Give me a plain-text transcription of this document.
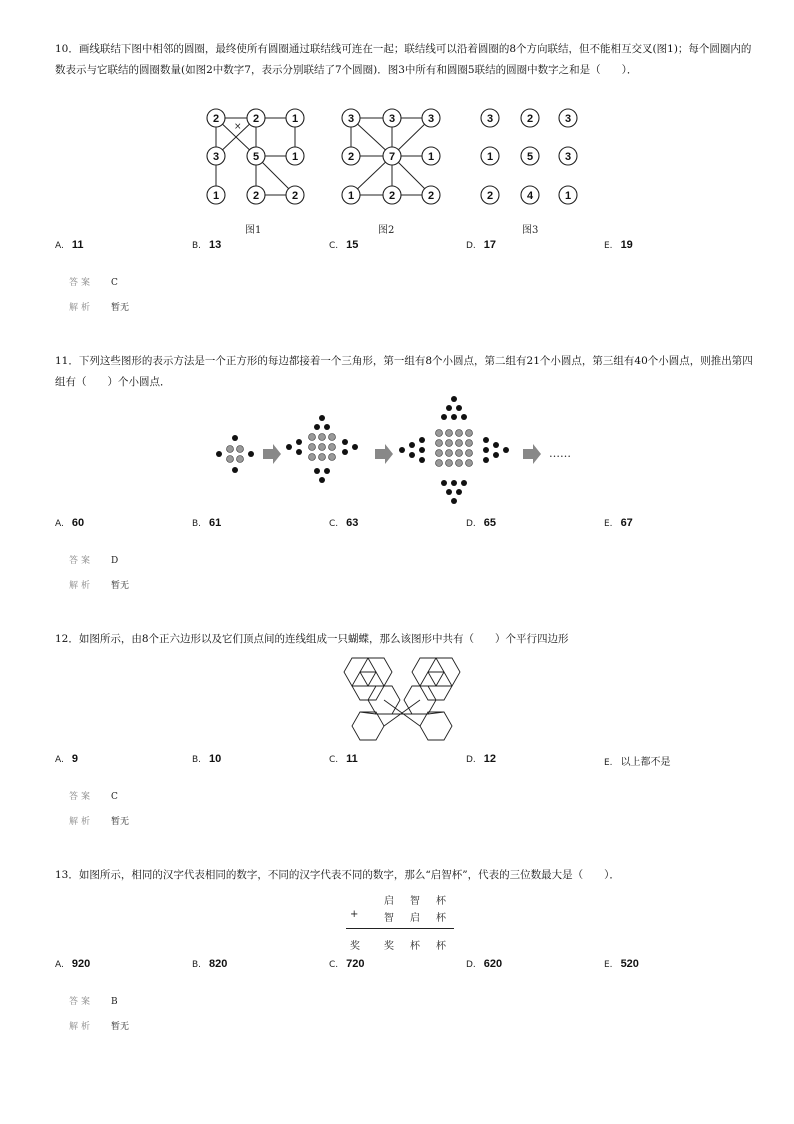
10．画线联结下图中相邻的圆圈，最终使所有圆圈通过联结线可连在一起；联结线可以沿着圆圈的8个方向联结，但不能相互交叉(图1)；每个圆圈内的数表示与它联结的圆圈数量(如图2中数字7，表示分别联结了7个圆圈)．图3中所有和圆圈5联结的圆圈中数字之和是（　　）．
×
2	2	1
3	5	1
1	2	2
图1
3	3	3
2	7	1
1	2	2
图2
3	2	3
1	5	3
2	4	1
图3
A. 11	B. 13	C. 15	D. 17	E. 19
答案 C
解析 暂无
11．下列这些图形的表示方法是一个正方形的每边都接着一个三角形，第一组有8个小圆点，第二组有21个小圆点，第三组有40个小圆点，则推出第四组有（　　）个小圆点．
……
A. 60	B. 61	C. 63	D. 65	E. 67
答案 D
解析 暂无
12．如图所示，由8个正六边形以及它们顶点间的连线组成一只蝴蝶，那么该图形中共有（　　）个平行四边形
A. 9	B. 10	C. 11	D. 12	E. 以上都不是
答案 C
解析 暂无
13．如图所示，相同的汉字代表相同的数字，不同的汉字代表不同的数字，那么“启智杯”，代表的三位数最大是（　　）．
启 智 杯
+	智 启 杯
奖 奖 杯 杯
A. 920	B. 820	C. 720	D. 620	E. 520
答案 B
解析 暂无
